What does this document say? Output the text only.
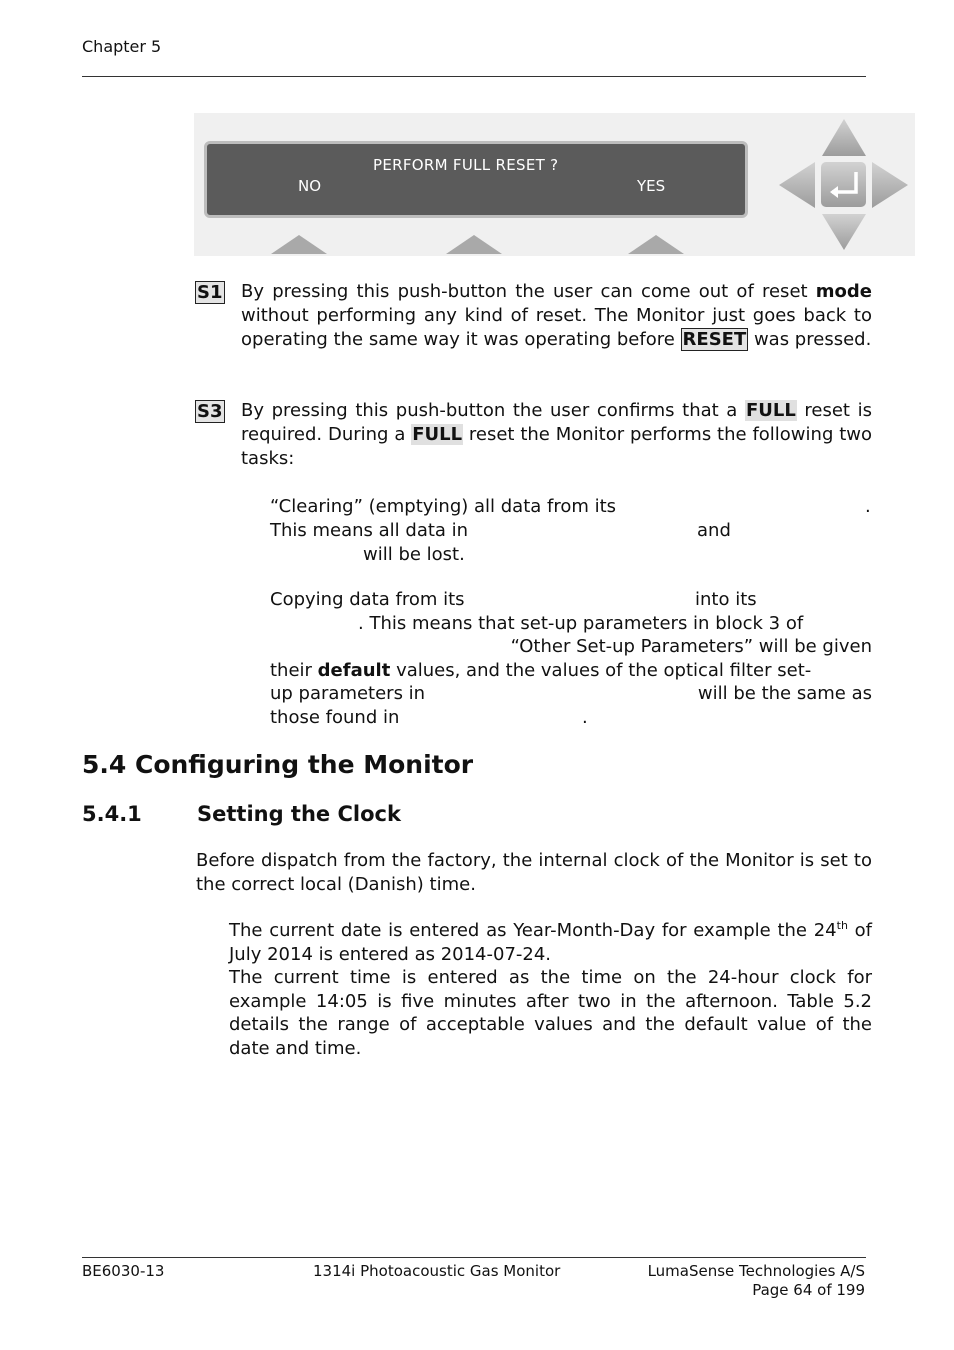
Chapter 5
PERFORM FULL RESET ?
NO	YES
S1 By pressing this push-button the user can come out of reset mode without performing any kind of reset. The Monitor just goes back to operating the same way it was operating before RESET was pressed.
S3 By pressing this push-button the user confirms that a FULL reset is required. During a FULL reset the Monitor performs the following two tasks:
“Clearing” (emptying) all data from its	.
This means all data in	and
will be lost.
Copying data from its	into its
. This means that set-up parameters in block 3 of
“Other Set-up Parameters” will be given
their default values, and the values of the optical filter set-
up parameters in	will be the same as
those found in	.
5.4 Configuring the Monitor
5.4.1	Setting the Clock
Before dispatch from the factory, the internal clock of the Monitor is set to the correct local (Danish) time.
The current date is entered as Year-Month-Day for example the 24th of July 2014 is entered as 2014-07-24.
The current time is entered as the time on the 24-hour clock for example 14:05 is five minutes after two in the afternoon. Table 5.2 details the range of acceptable values and the default value of the date and time.
BE6030-13	1314i Photoacoustic Gas Monitor	LumaSense Technologies A/S
Page 64 of 199
